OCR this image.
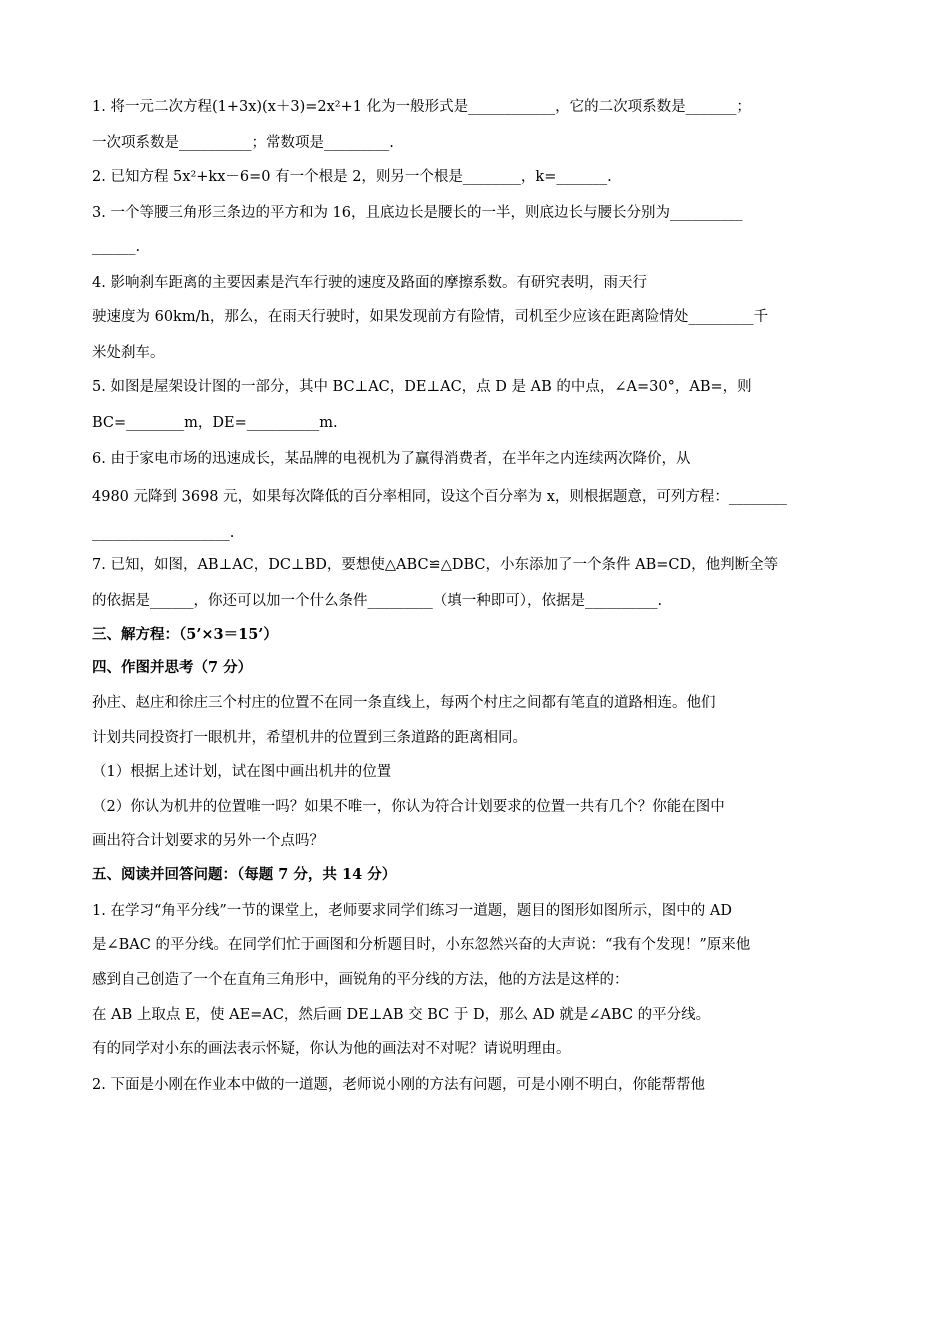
1. 将一元二次方程(1+3x)(x＋3)=2x²+1 化为一般形式是____________，它的二次项系数是_______；
一次项系数是__________；常数项是_________.
2. 已知方程 5x²+kx－6=0 有一个根是 2，则另一个根是________，k=_______.
3. 一个等腰三角形三条边的平方和为 16，且底边长是腰长的一半，则底边长与腰长分别为__________
______.
4. 影响刹车距离的主要因素是汽车行驶的速度及路面的摩擦系数。有研究表明，雨天行
驶速度为 60km/h，那么，在雨天行驶时，如果发现前方有险情，司机至少应该在距离险情处_________千
米处刹车。
5. 如图是屋架设计图的一部分，其中 BC⊥AC，DE⊥AC，点 D 是 AB 的中点，∠A=30°，AB=，则
BC=________m，DE=__________m.
6. 由于家电市场的迅速成长，某品牌的电视机为了赢得消费者，在半年之内连续两次降价，从
4980 元降到 3698 元，如果每次降低的百分率相同，设这个百分率为 x，则根据题意，可列方程：________
___________________.
7. 已知，如图，AB⊥AC，DC⊥BD，要想使△ABC≌△DBC，小东添加了一个条件 AB=CD，他判断全等
的依据是______，你还可以加一个什么条件_________（填一种即可），依据是__________.
三、解方程：（5’×3＝15’）
四、作图并思考（7 分）
孙庄、赵庄和徐庄三个村庄的位置不在同一条直线上，每两个村庄之间都有笔直的道路相连。他们
计划共同投资打一眼机井，希望机井的位置到三条道路的距离相同。
（1）根据上述计划，试在图中画出机井的位置
（2）你认为机井的位置唯一吗？如果不唯一，你认为符合计划要求的位置一共有几个？你能在图中
画出符合计划要求的另外一个点吗？
五、阅读并回答问题：（每题 7 分，共 14 分）
1. 在学习“角平分线”一节的课堂上，老师要求同学们练习一道题，题目的图形如图所示，图中的 AD
是∠BAC 的平分线。在同学们忙于画图和分析题目时，小东忽然兴奋的大声说：“我有个发现！”原来他
感到自己创造了一个在直角三角形中，画锐角的平分线的方法，他的方法是这样的：
在 AB 上取点 E，使 AE=AC，然后画 DE⊥AB 交 BC 于 D，那么 AD 就是∠ABC 的平分线。
有的同学对小东的画法表示怀疑，你认为他的画法对不对呢？请说明理由。
2. 下面是小刚在作业本中做的一道题，老师说小刚的方法有问题，可是小刚不明白，你能帮帮他
